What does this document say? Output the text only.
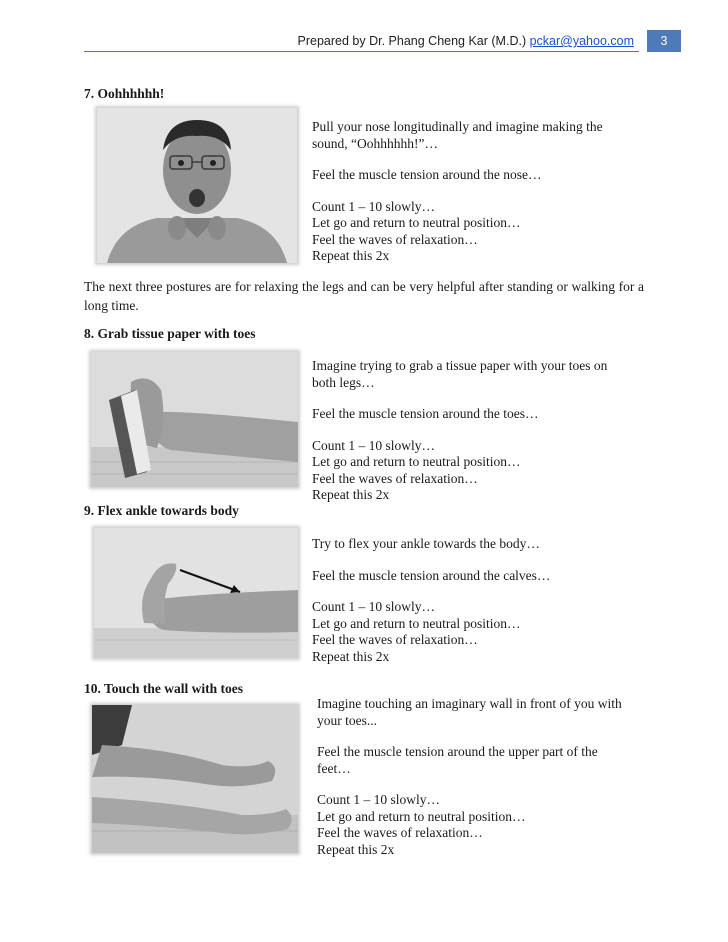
Prepared by Dr. Phang Cheng Kar (M.D.) pckar@yahoo.com	3
7. Oohhhhhh!

Pull your nose longitudinally and imagine making the
sound, “Oohhhhhh!”…

Feel the muscle tension around the nose…

Count 1 – 10 slowly…
Let go and return to neutral position…
Feel the waves of relaxation…
Repeat this 2x

The next three postures are for relaxing the legs and can be very helpful after standing or walking for a long time.
8. Grab tissue paper with toes

Imagine trying to grab a tissue paper with your toes on
both legs…

Feel the muscle tension around the toes…

Count 1 – 10 slowly…
Let go and return to neutral position…
Feel the waves of relaxation…
Repeat this 2x

9. Flex ankle towards body

Try to flex your ankle towards the body…

Feel the muscle tension around the calves…

Count 1 – 10 slowly…
Let go and return to neutral position…
Feel the waves of relaxation…
Repeat this 2x

10. Touch the wall with toes

Imagine touching an imaginary wall in front of you with
your toes...

Feel the muscle tension around the upper part of the
feet…

Count 1 – 10 slowly…
Let go and return to neutral position…
Feel the waves of relaxation…
Repeat this 2x
